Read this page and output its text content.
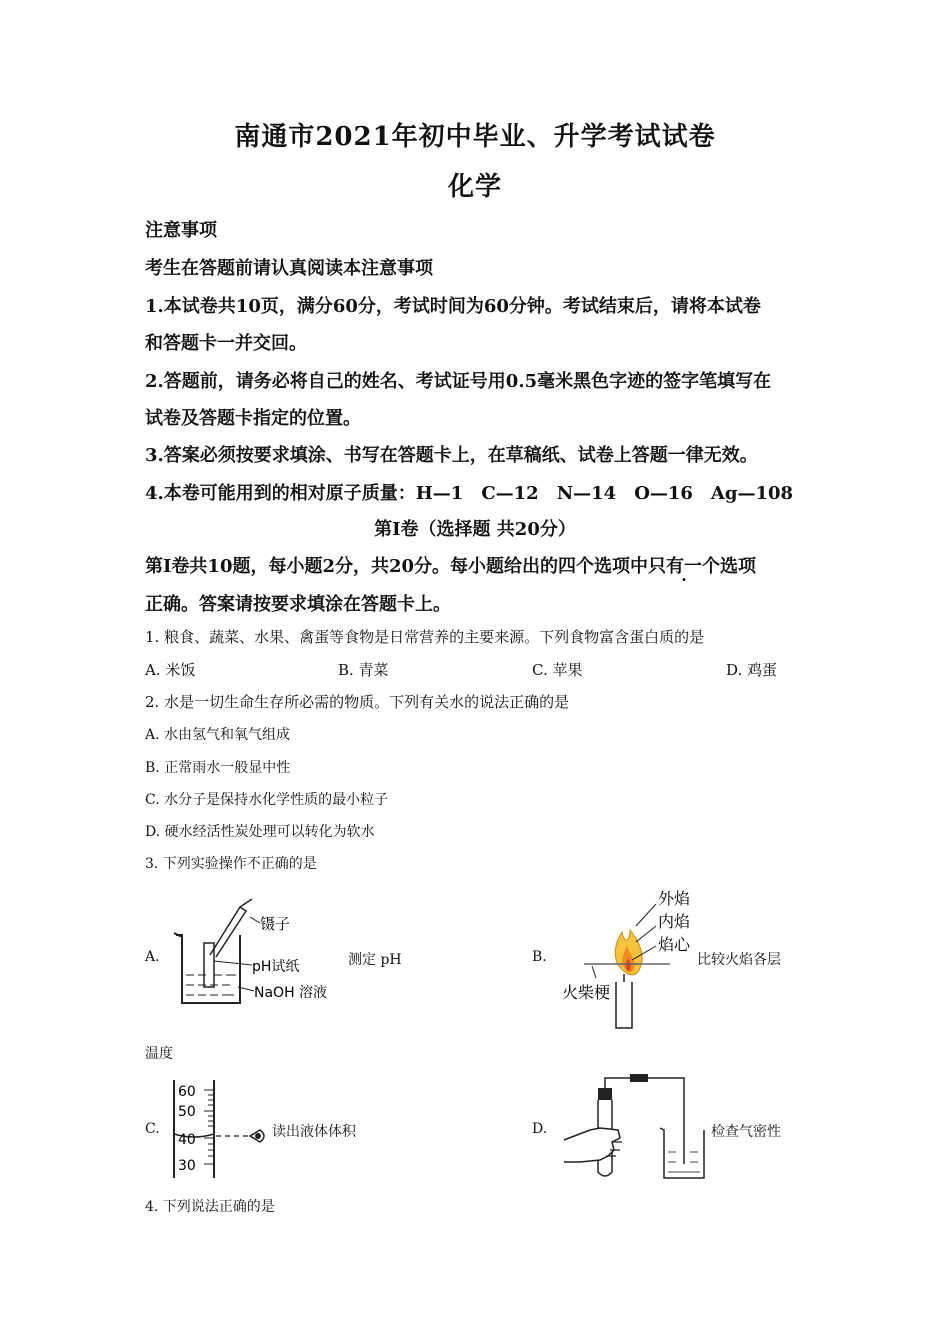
南通市2021年初中毕业、升学考试试卷
化学
注意事项
考生在答题前请认真阅读本注意事项
1.本试卷共10页，满分60分，考试时间为60分钟。考试结束后，请将本试卷
和答题卡一并交回。
2.答题前，请务必将自己的姓名、考试证号用0.5毫米黑色字迹的签字笔填写在
试卷及答题卡指定的位置。
3.答案必须按要求填涂、书写在答题卡上，在草稿纸、试卷上答题一律无效。
4.本卷可能用到的相对原子质量：H—1　C—12　N—14　O—16　Ag—108
第Ⅰ卷（选择题 共20分）
第Ⅰ卷共10题，每小题2分，共20分。每小题给出的四个选项中只有一个选项
正确。答案请按要求填涂在答题卡上。
1. 粮食、蔬菜、水果、禽蛋等食物是日常营养的主要来源。下列食物富含蛋白质的是
A. 米饭	B. 青菜	C. 苹果	D. 鸡蛋
2. 水是一切生命生存所必需的物质。下列有关水的说法正确的是
A. 水由氢气和氧气组成
B. 正常雨水一般显中性
C. 水分子是保持水化学性质的最小粒子
D. 硬水经活性炭处理可以转化为软水
3. 下列实验操作不正确的是
A.
镊子
pH试纸
NaOH 溶液
测定 pH	B.
外焰
内焰
焰心
火柴梗
比较火焰各层
温度
C.
60
50
40
30
读出液体体积	D.	检查气密性
4. 下列说法正确的是
